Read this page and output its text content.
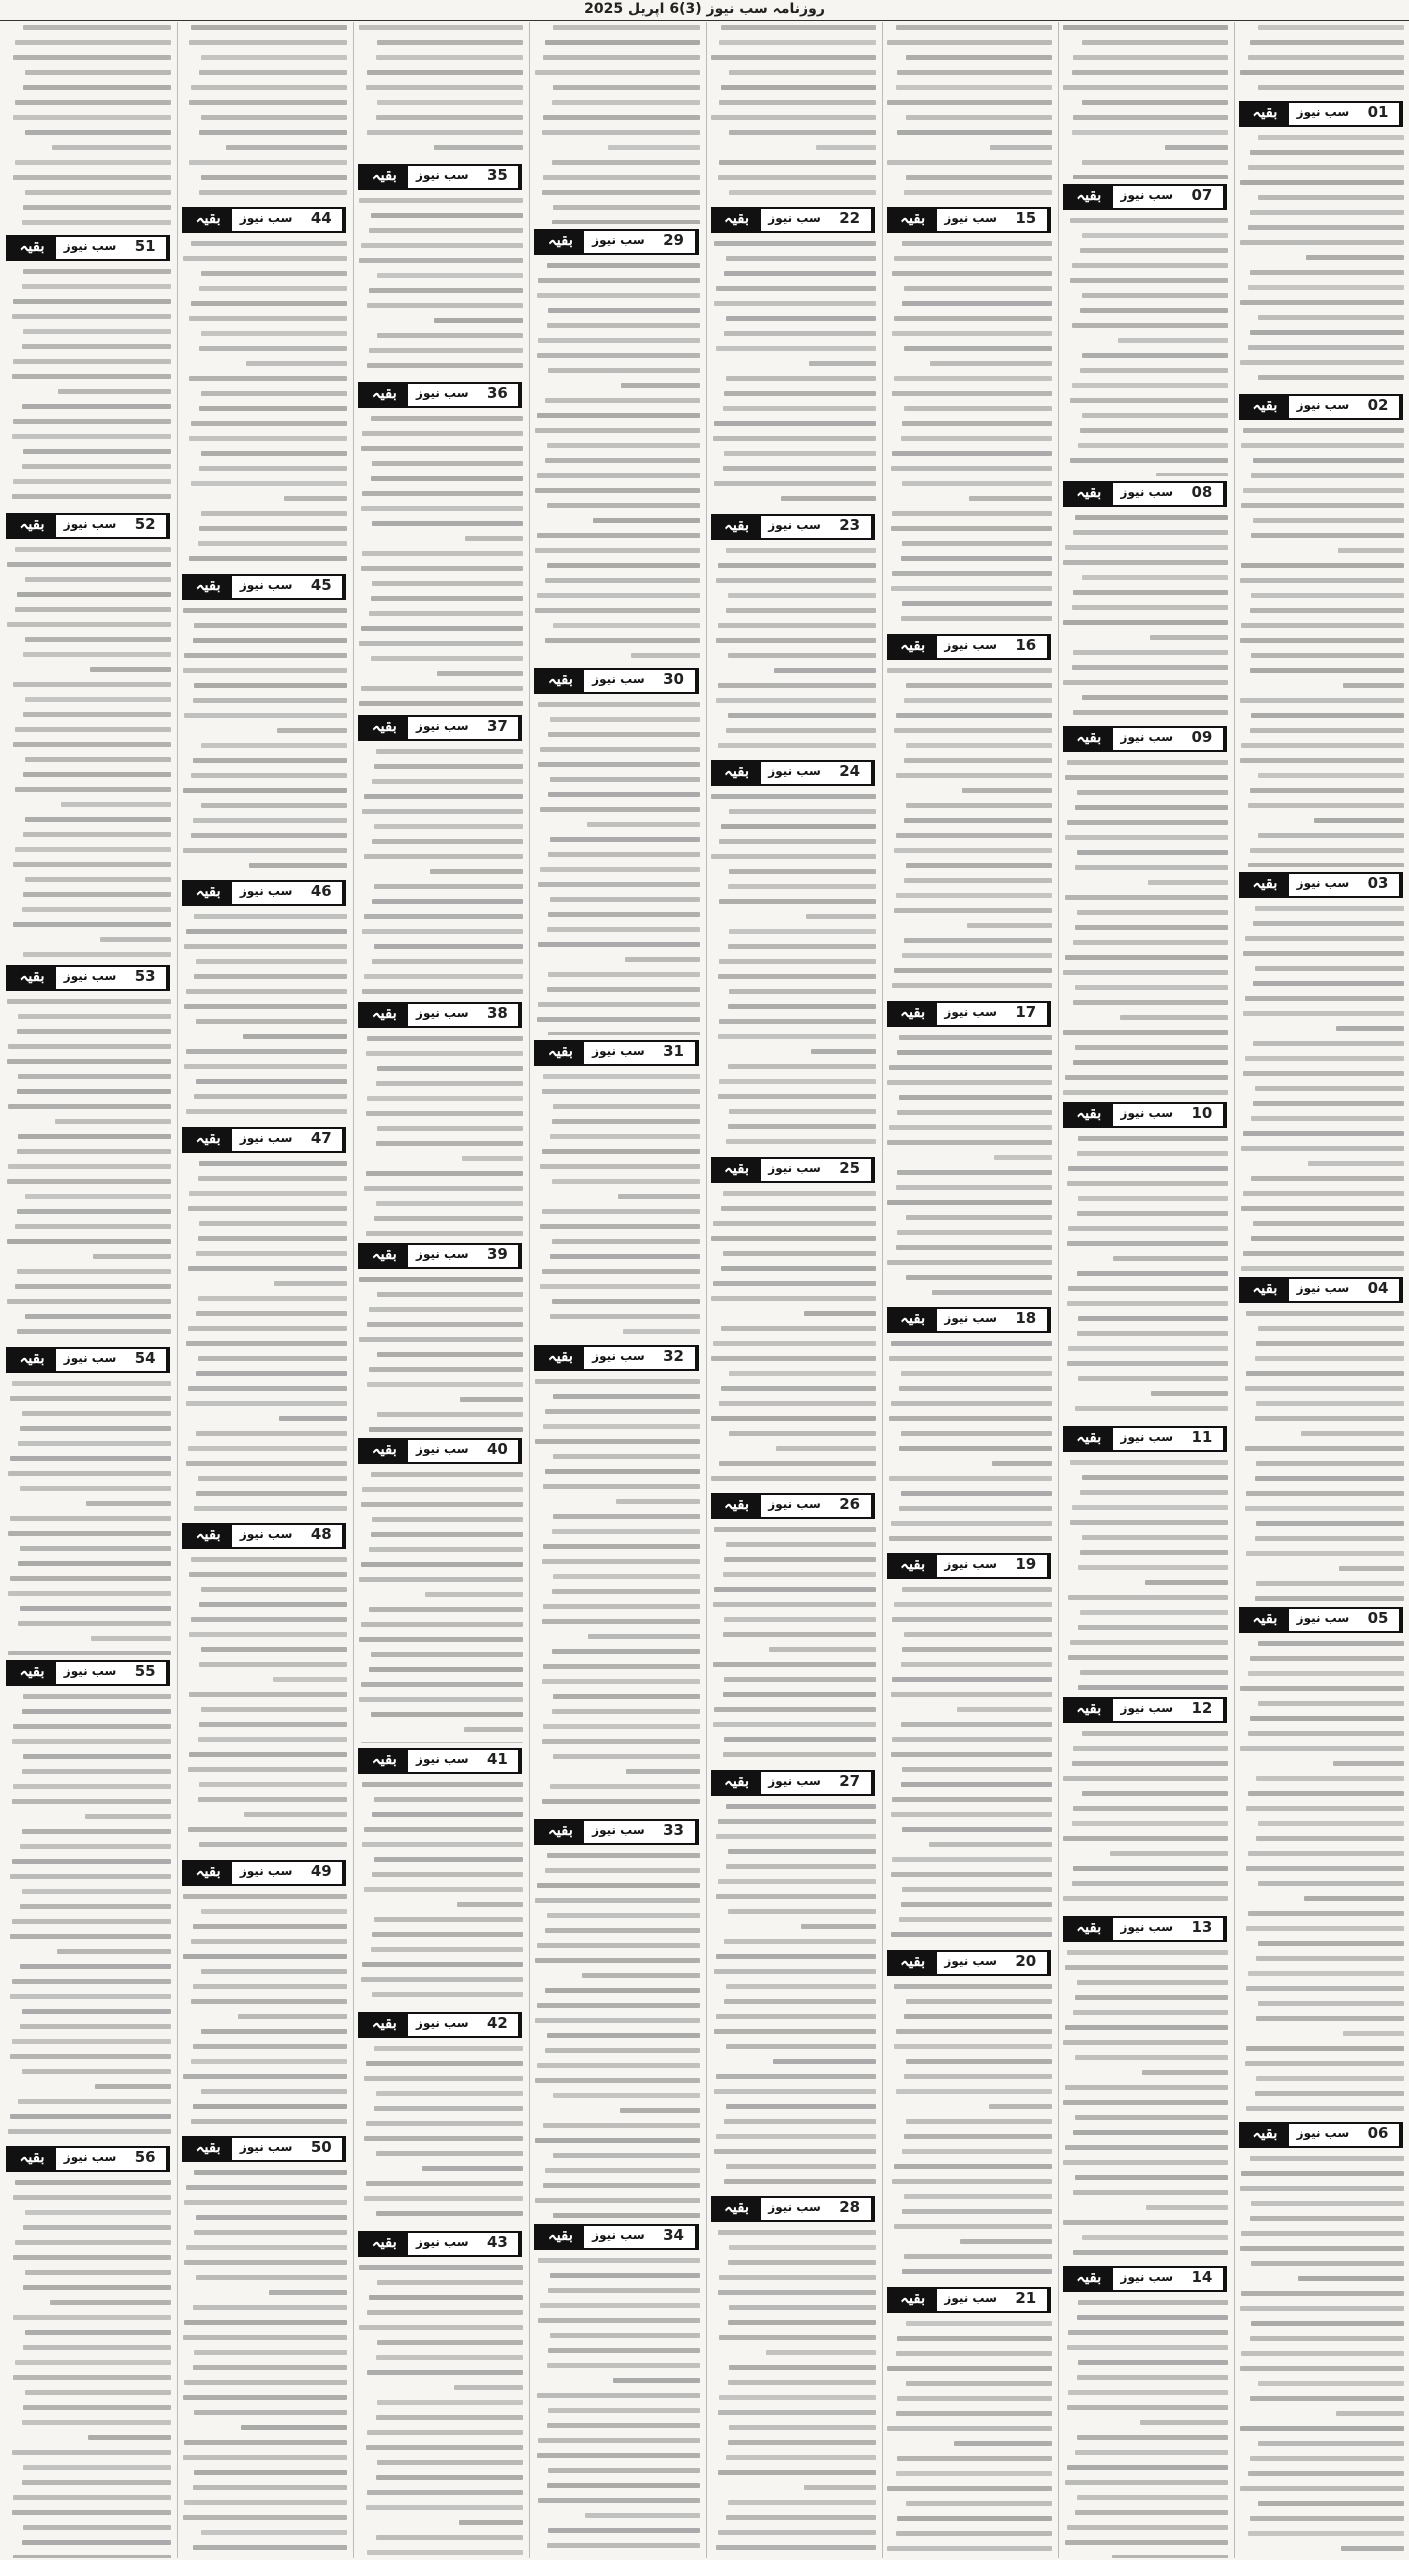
روزنامہ سب نیوز (3)6 اپریل 2025
01
سب نیوز
بقیہ
02
سب نیوز
بقیہ
03
سب نیوز
بقیہ
04
سب نیوز
بقیہ
05
سب نیوز
بقیہ
06
سب نیوز
بقیہ
07
سب نیوز
بقیہ
08
سب نیوز
بقیہ
09
سب نیوز
بقیہ
10
سب نیوز
بقیہ
11
سب نیوز
بقیہ
12
سب نیوز
بقیہ
13
سب نیوز
بقیہ
14
سب نیوز
بقیہ
15
سب نیوز
بقیہ
16
سب نیوز
بقیہ
17
سب نیوز
بقیہ
18
سب نیوز
بقیہ
19
سب نیوز
بقیہ
20
سب نیوز
بقیہ
21
سب نیوز
بقیہ
22
سب نیوز
بقیہ
23
سب نیوز
بقیہ
24
سب نیوز
بقیہ
25
سب نیوز
بقیہ
26
سب نیوز
بقیہ
27
سب نیوز
بقیہ
28
سب نیوز
بقیہ
29
سب نیوز
بقیہ
30
سب نیوز
بقیہ
31
سب نیوز
بقیہ
32
سب نیوز
بقیہ
33
سب نیوز
بقیہ
34
سب نیوز
بقیہ
35
سب نیوز
بقیہ
36
سب نیوز
بقیہ
37
سب نیوز
بقیہ
38
سب نیوز
بقیہ
39
سب نیوز
بقیہ
40
سب نیوز
بقیہ
41
سب نیوز
بقیہ
42
سب نیوز
بقیہ
43
سب نیوز
بقیہ
44
سب نیوز
بقیہ
45
سب نیوز
بقیہ
46
سب نیوز
بقیہ
47
سب نیوز
بقیہ
48
سب نیوز
بقیہ
49
سب نیوز
بقیہ
50
سب نیوز
بقیہ
51
سب نیوز
بقیہ
52
سب نیوز
بقیہ
53
سب نیوز
بقیہ
54
سب نیوز
بقیہ
55
سب نیوز
بقیہ
56
سب نیوز
بقیہ
